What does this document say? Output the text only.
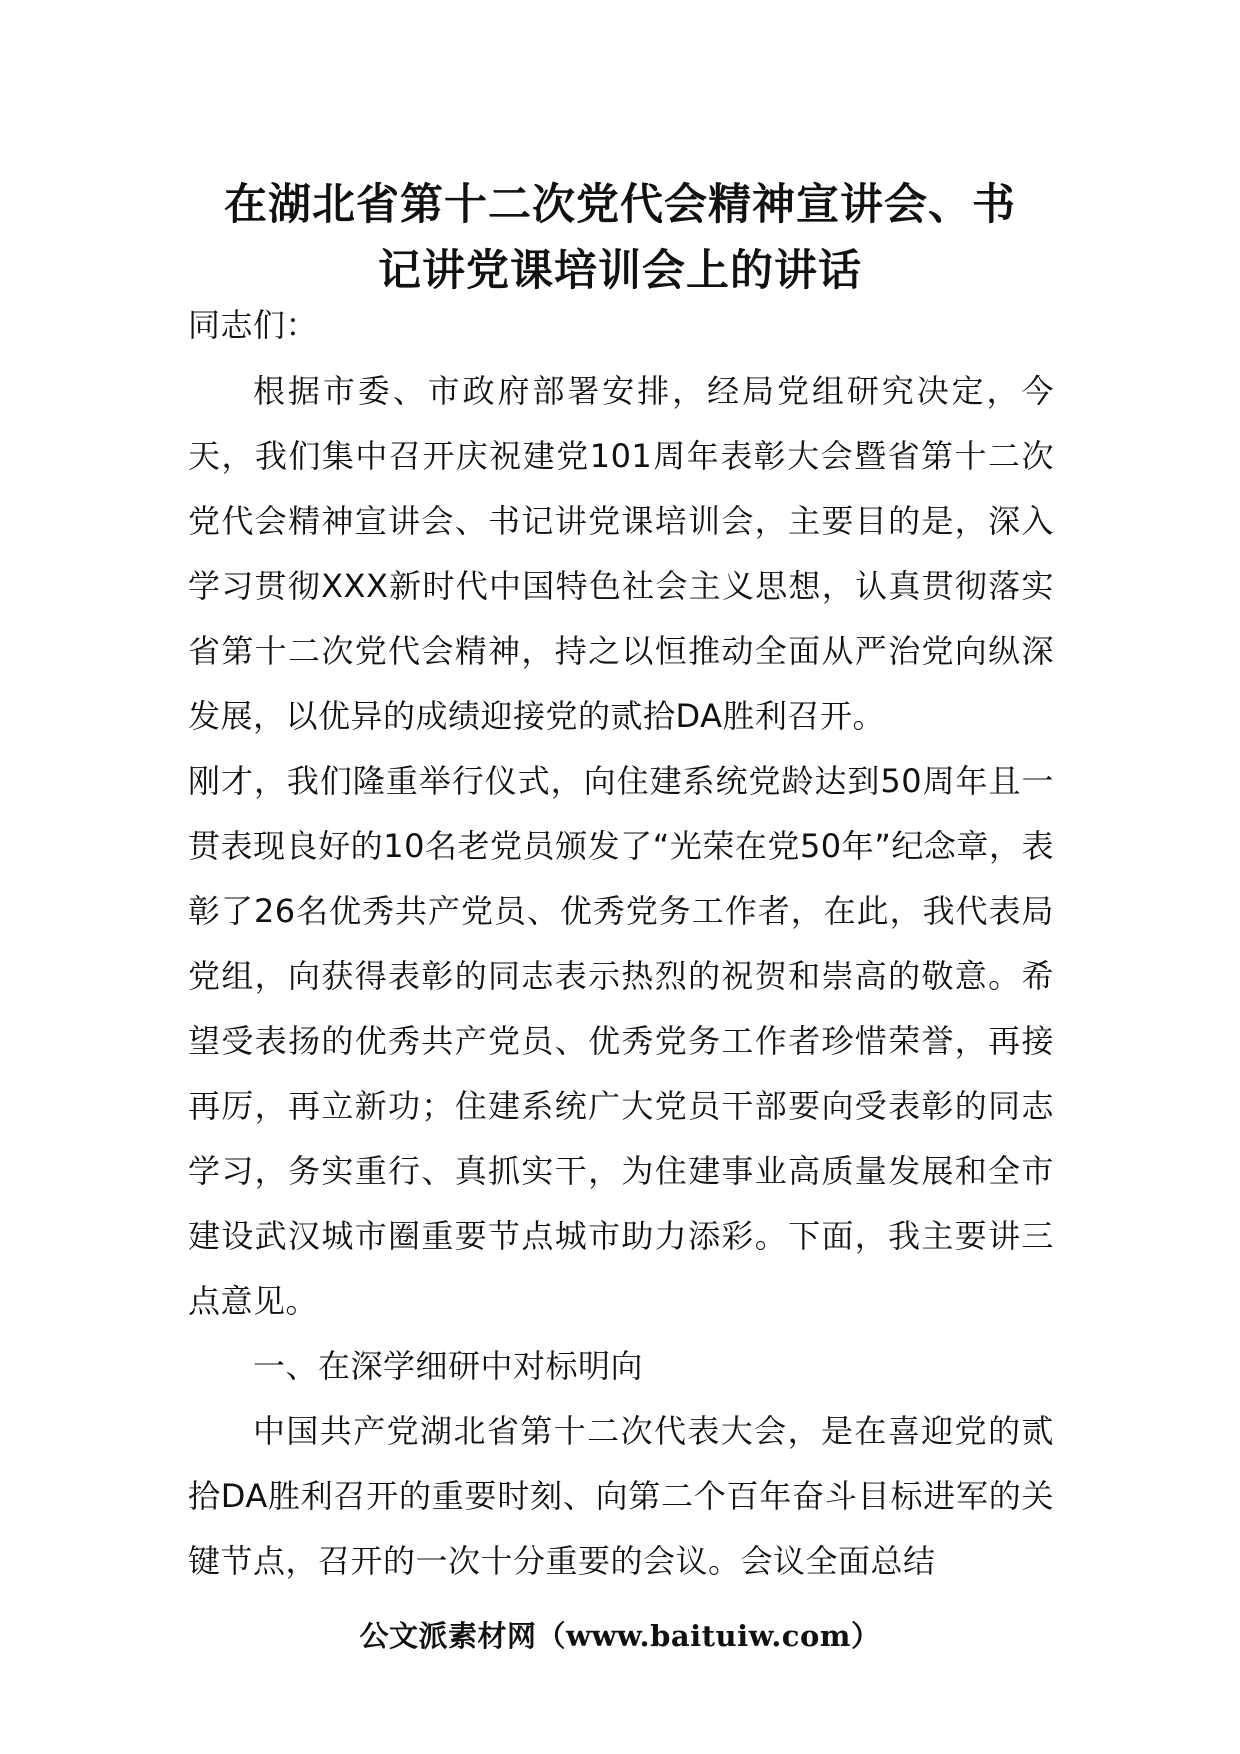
在湖北省第十二次党代会精神宣讲会、书
记讲党课培训会上的讲话

同志们：

根据市委、市政府部署安排，经局党组研究决定，今天，我们集中召开庆祝建党101周年表彰大会暨省第十二次党代会精神宣讲会、书记讲党课培训会，主要目的是，深入学习贯彻XXX新时代中国特色社会主义思想，认真贯彻落实省第十二次党代会精神，持之以恒推动全面从严治党向纵深发展，以优异的成绩迎接党的贰拾DA胜利召开。

刚才，我们隆重举行仪式，向住建系统党龄达到50周年且一贯表现良好的10名老党员颁发了“光荣在党50年”纪念章，表彰了26名优秀共产党员、优秀党务工作者，在此，我代表局党组，向获得表彰的同志表示热烈的祝贺和崇高的敬意。希望受表扬的优秀共产党员、优秀党务工作者珍惜荣誉，再接再厉，再立新功；住建系统广大党员干部要向受表彰的同志学习，务实重行、真抓实干，为住建事业高质量发展和全市建设武汉城市圈重要节点城市助力添彩。下面，我主要讲三点意见。

一、在深学细研中对标明向

中国共产党湖北省第十二次代表大会，是在喜迎党的贰拾DA胜利召开的重要时刻、向第二个百年奋斗目标进军的关键节点，召开的一次十分重要的会议。会议全面总结

公文派素材网（www.baituiw.com）
